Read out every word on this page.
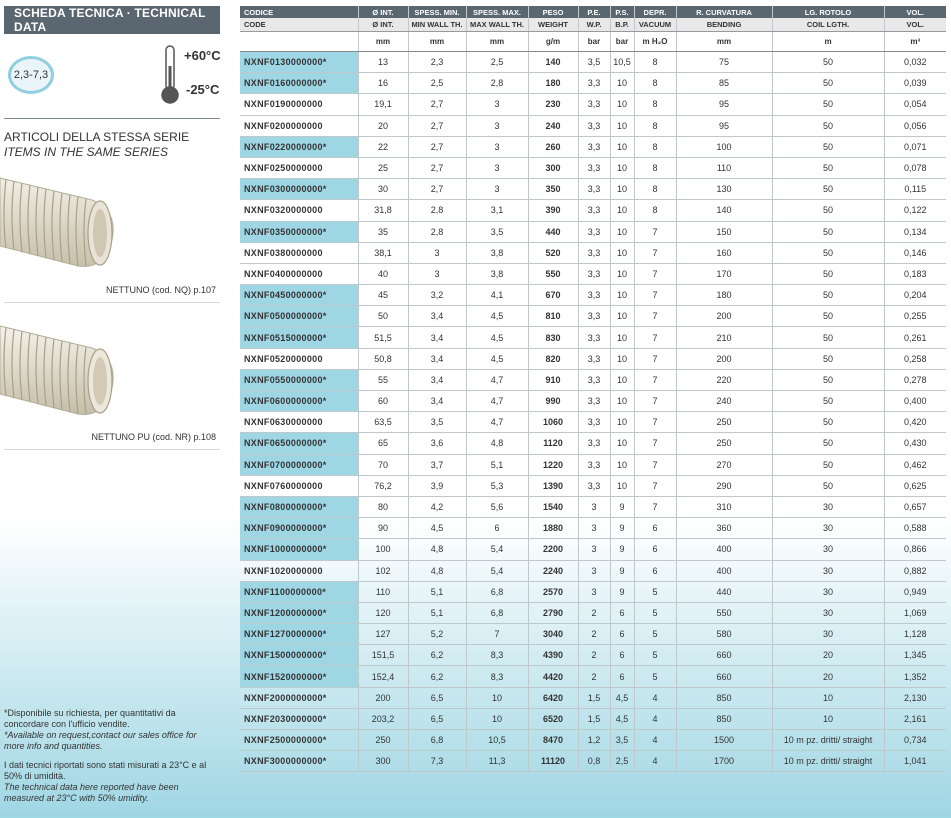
SCHEDA TECNICA · TECHNICAL DATA
2,3-7,3
+60°C
-25°C
ARTICOLI DELLA STESSA SERIE
ITEMS IN THE SAME SERIES
NETTUNO (cod. NQ) p.107
NETTUNO PU (cod. NR) p.108

*Disponibile su richiesta, per quantitativi da concordare con l'ufficio vendite.

*Available on request,contact our sales office for more info and quantities.

I dati tecnici riportati sono stati misurati a 23°C e al 50% di umidità.

The technical data here reported have been measured at 23°C with 50% umidity.

CODICE	Ø INT.	SPESS. MIN.	SPESS. MAX.	PESO	P.E.	P.S.	DEPR.	R. CURVATURA	LG. ROTOLO	VOL.
CODE	Ø INT.	MIN WALL TH.	MAX WALL TH.	WEIGHT	W.P.	B.P.	VACUUM	BENDING	COIL LGTH.	VOL.
	mm	mm	mm	g/m	bar	bar	m H₂O	mm	m	m³
NXNF0130000000*	13	2,3	2,5	140	3,5	10,5	8	75	50	0,032
NXNF0160000000*	16	2,5	2,8	180	3,3	10	8	85	50	0,039
NXNF0190000000	19,1	2,7	3	230	3,3	10	8	95	50	0,054
NXNF0200000000	20	2,7	3	240	3,3	10	8	95	50	0,056
NXNF0220000000*	22	2,7	3	260	3,3	10	8	100	50	0,071
NXNF0250000000	25	2,7	3	300	3,3	10	8	110	50	0,078
NXNF0300000000*	30	2,7	3	350	3,3	10	8	130	50	0,115
NXNF0320000000	31,8	2,8	3,1	390	3,3	10	8	140	50	0,122
NXNF0350000000*	35	2,8	3,5	440	3,3	10	7	150	50	0,134
NXNF0380000000	38,1	3	3,8	520	3,3	10	7	160	50	0,146
NXNF0400000000	40	3	3,8	550	3,3	10	7	170	50	0,183
NXNF0450000000*	45	3,2	4,1	670	3,3	10	7	180	50	0,204
NXNF0500000000*	50	3,4	4,5	810	3,3	10	7	200	50	0,255
NXNF0515000000*	51,5	3,4	4,5	830	3,3	10	7	210	50	0,261
NXNF0520000000	50,8	3,4	4,5	820	3,3	10	7	200	50	0,258
NXNF0550000000*	55	3,4	4,7	910	3,3	10	7	220	50	0,278
NXNF0600000000*	60	3,4	4,7	990	3,3	10	7	240	50	0,400
NXNF0630000000	63,5	3,5	4,7	1060	3,3	10	7	250	50	0,420
NXNF0650000000*	65	3,6	4,8	1120	3,3	10	7	250	50	0,430
NXNF0700000000*	70	3,7	5,1	1220	3,3	10	7	270	50	0,462
NXNF0760000000	76,2	3,9	5,3	1390	3,3	10	7	290	50	0,625
NXNF0800000000*	80	4,2	5,6	1540	3	9	7	310	30	0,657
NXNF0900000000*	90	4,5	6	1880	3	9	6	360	30	0,588
NXNF1000000000*	100	4,8	5,4	2200	3	9	6	400	30	0,866
NXNF1020000000	102	4,8	5,4	2240	3	9	6	400	30	0,882
NXNF1100000000*	110	5,1	6,8	2570	3	9	5	440	30	0,949
NXNF1200000000*	120	5,1	6,8	2790	2	6	5	550	30	1,069
NXNF1270000000*	127	5,2	7	3040	2	6	5	580	30	1,128
NXNF1500000000*	151,5	6,2	8,3	4390	2	6	5	660	20	1,345
NXNF1520000000*	152,4	6,2	8,3	4420	2	6	5	660	20	1,352
NXNF2000000000*	200	6,5	10	6420	1,5	4,5	4	850	10	2,130
NXNF2030000000*	203,2	6,5	10	6520	1,5	4,5	4	850	10	2,161
NXNF2500000000*	250	6,8	10,5	8470	1,2	3,5	4	1500	10 m pz. dritti/ straight	0,734
NXNF3000000000*	300	7,3	11,3	11120	0,8	2,5	4	1700	10 m pz. dritti/ straight	1,041
